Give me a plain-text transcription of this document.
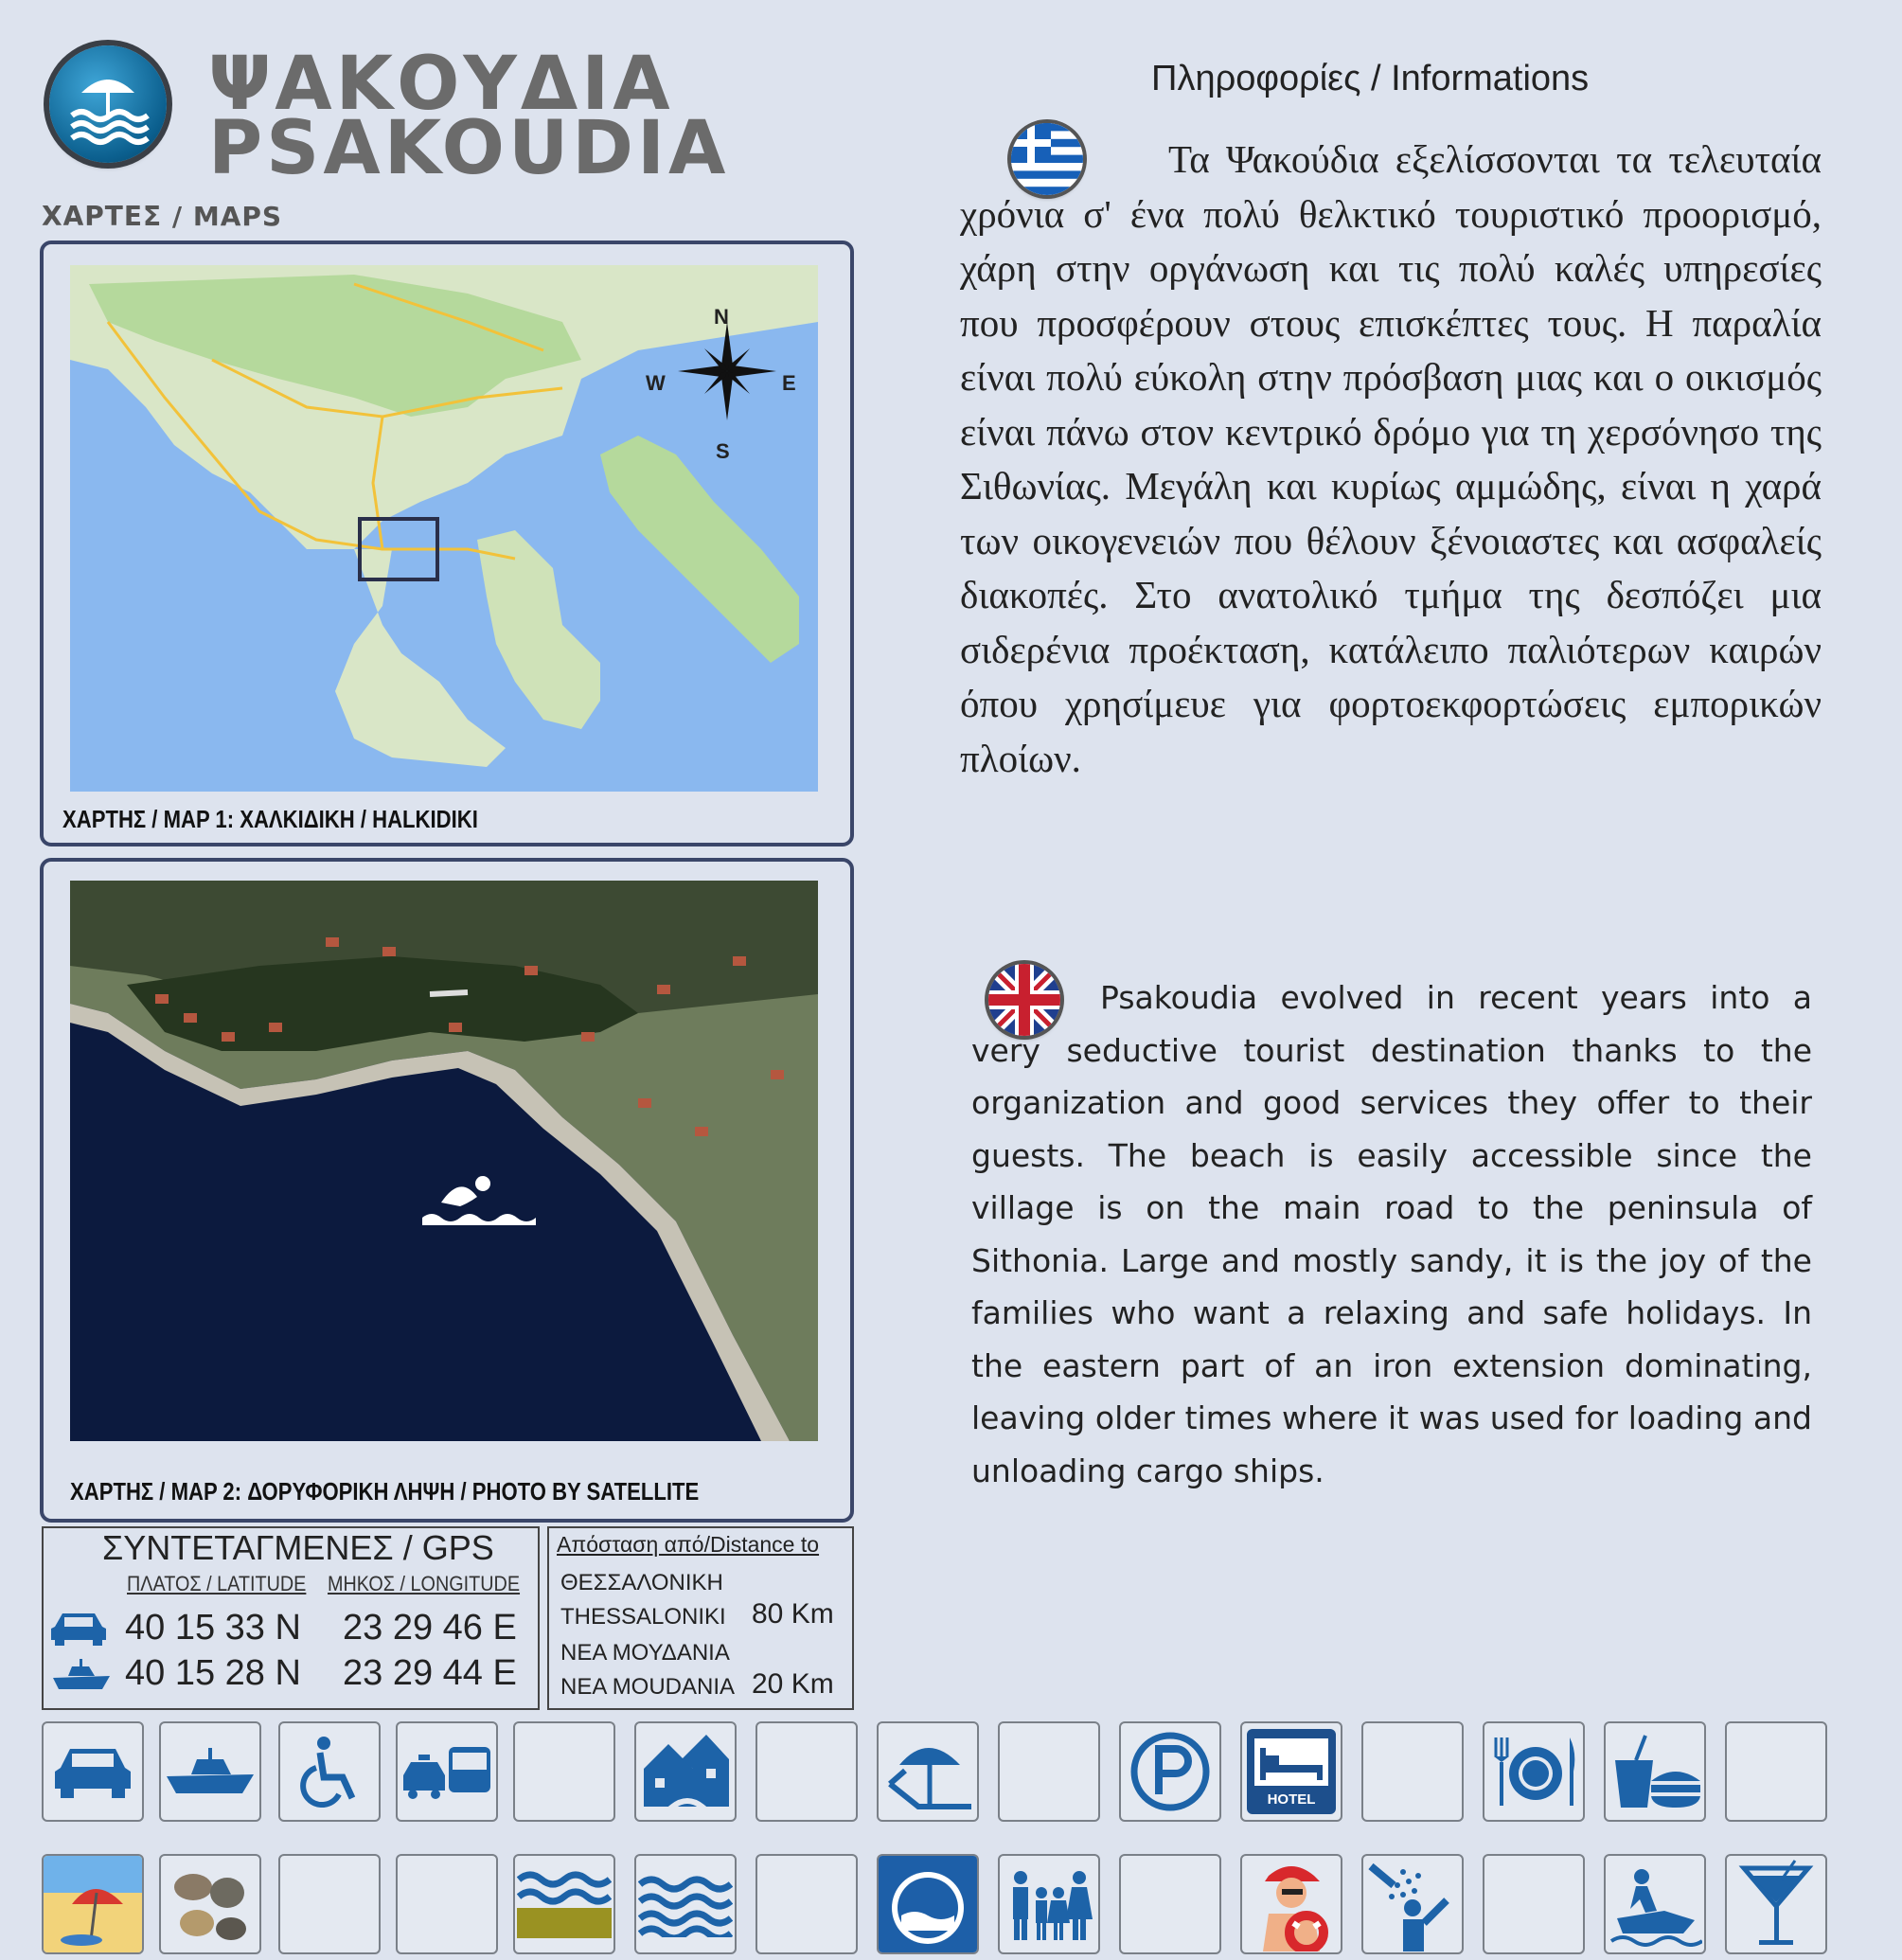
ΨΑΚΟΥΔΙΑ
PSAKOUDIA
ΧΑΡΤΕΣ / MAPS
N
S
E
W
ΧΑΡΤΗΣ / MAP 1: ΧΑΛΚΙΔΙΚΗ / HALKIDIKI
ΧΑΡΤΗΣ / MAP 2: ΔΟΡΥΦΟΡΙΚΗ ΛΗΨΗ / PHOTO BY SATELLITE
ΣΥΝΤΕΤΑΓΜΕΝΕΣ / GPS
ΠΛΑΤΟΣ / LATITUDE ΜΗΚΟΣ / LONGITUDE
40 15 33 N 23 29 46 E
40 15 28 N 23 29 44 E
Απόσταση από/Distance to
ΘΕΣΣΑΛΟΝΙΚΗ
THESSALONIKI 80 Km
ΝΕΑ ΜΟΥΔΑΝΙΑ
NEA MOUDANIA 20 Km
Πληροφορίες / Informations
Τα Ψακούδια εξελίσσονται τα τελευταία χρόνια σ' ένα πολύ θελκτικό τουριστικό προορισμό, χάρη στην οργάνωση και τις πολύ καλές υπηρεσίες που προσφέρουν στους επισκέπτες τους. Η παραλία είναι πολύ εύκολη στην πρόσβαση μιας και ο οικισμός είναι πάνω στον κεντρικό δρόμο για τη χερσόνησο της Σιθωνίας. Μεγάλη και κυρίως αμμώδης, είναι η χαρά των οικογενειών που θέλουν ξένοιαστες και ασφαλείς διακοπές. Στο ανατολικό τμήμα της δεσπόζει μια σιδερένια προέκταση, κατάλειπο παλιότερων καιρών όπου χρησίμευε για φορτοεκφορτώσεις εμπορικών πλοίων.
Psakoudia evolved in recent years into a very seductive tourist destination thanks to the organization and good services they offer to their guests. The beach is easily accessible since the village is on the main road to the peninsula of Sithonia. Large and mostly sandy, it is the joy of the families who want a relaxing and safe holidays. In the eastern part of an iron extension dominating, leaving older times where it was used for loading and unloading cargo ships.
HOTEL
